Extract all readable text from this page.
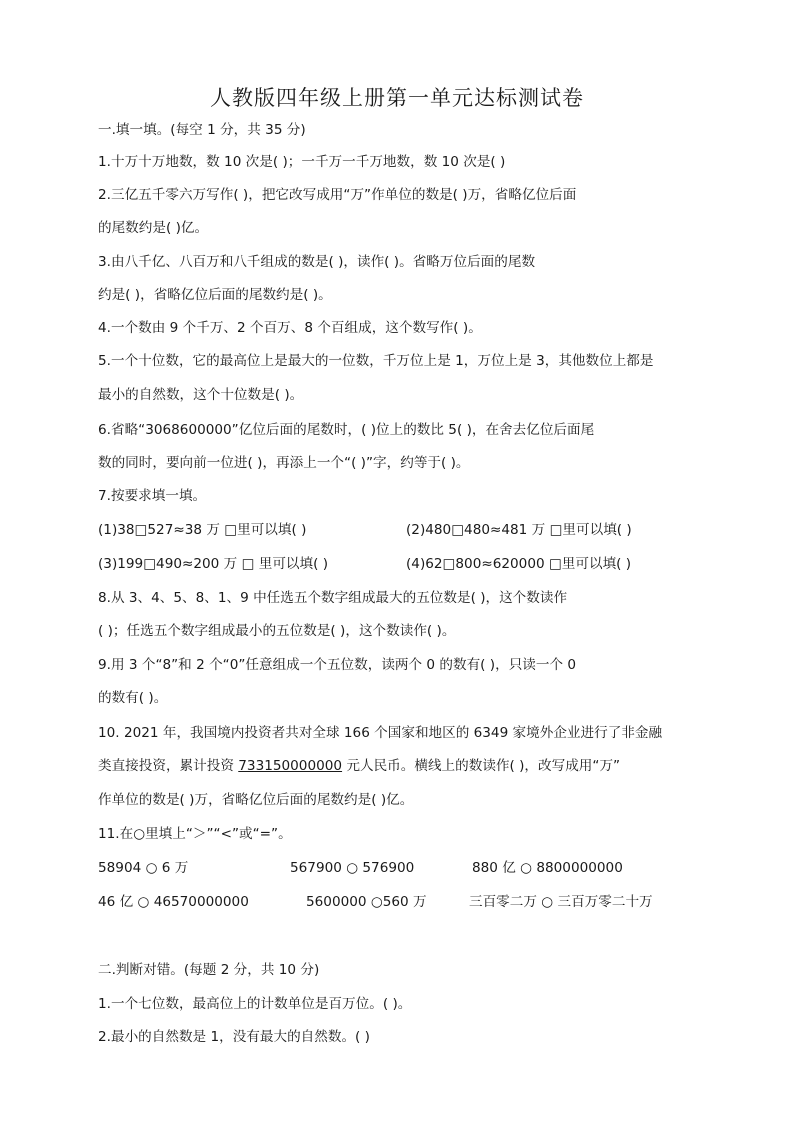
人教版四年级上册第一单元达标测试卷
一.填一填。(每空 1 分，共 35 分)
1.十万十万地数，数 10 次是( )；一千万一千万地数，数 10 次是( )
2.三亿五千零六万写作( )，把它改写成用“万”作单位的数是( )万，省略亿位后面
的尾数约是( )亿。
3.由八千亿、八百万和八千组成的数是( )，读作( )。省略万位后面的尾数
约是( )，省略亿位后面的尾数约是( )。
4.一个数由 9 个千万、2 个百万、8 个百组成，这个数写作( )。
5.一个十位数，它的最高位上是最大的一位数，千万位上是 1，万位上是 3，其他数位上都是
最小的自然数，这个十位数是( )。
6.省略“3068600000”亿位后面的尾数时，( )位上的数比 5( )，在舍去亿位后面尾
数的同时，要向前一位进( )，再添上一个“( )”字，约等于( )。
7.按要求填一填。
(1)38□527≈38 万 □里可以填( )	(2)480□480≈481 万 □里可以填( )
(3)199□490≈200 万 □ 里可以填( )	(4)62□800≈620000 □里可以填( )
8.从 3、4、5、8、1、9 中任选五个数字组成最大的五位数是( )，这个数读作
( )；任选五个数字组成最小的五位数是( )，这个数读作( )。
9.用 3 个“8”和 2 个“0”任意组成一个五位数，读两个 0 的数有( )，只读一个 0
的数有( )。
10. 2021 年，我国境内投资者共对全球 166 个国家和地区的 6349 家境外企业进行了非金融
类直接投资，累计投资 733150000000 元人民币。横线上的数读作( )，改写成用“万”
作单位的数是( )万，省略亿位后面的尾数约是( )亿。
11.在○里填上“＞”“<”或“=”。
58904 ○ 6 万	567900 ○ 576900	880 亿 ○ 8800000000
46 亿 ○ 46570000000	5600000 ○560 万	三百零二万 ○ 三百万零二十万
二.判断对错。(每题 2 分，共 10 分)
1.一个七位数，最高位上的计数单位是百万位。( )。
2.最小的自然数是 1，没有最大的自然数。( )
